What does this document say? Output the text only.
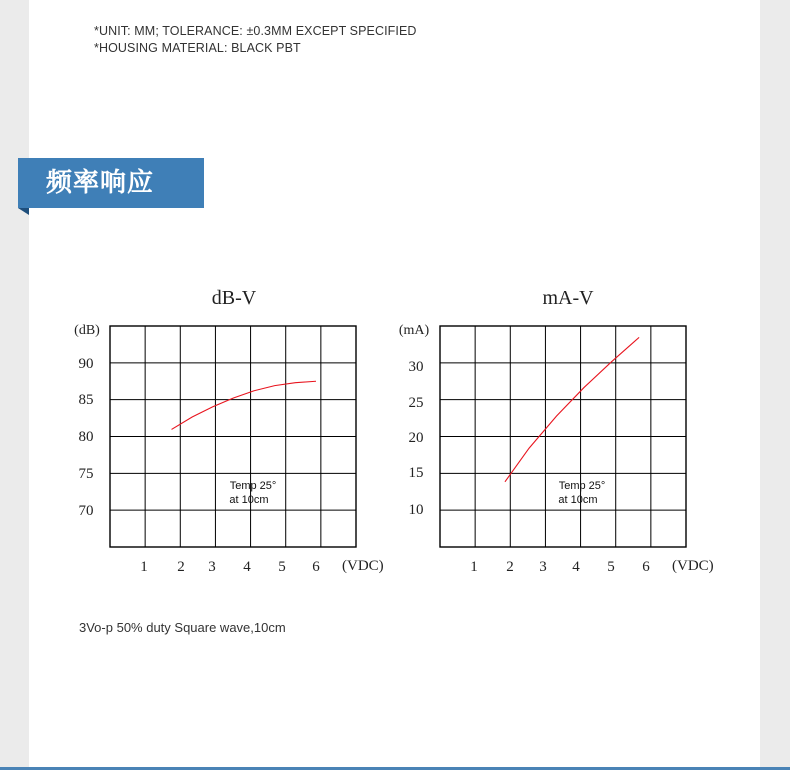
*UNIT: MM; TOLERANCE: ±0.3MM EXCEPT SPECIFIED
*HOUSING MATERIAL: BLACK PBT
频率响应
dB-V
(dB)
(VDC)
90
85
80
75
70
1 2 3 4 5 6
Temp 25°
at 10cm
mA-V
(mA)
(VDC)
30
25
20
15
10
1 2 3 4 5 6
Temp 25°
at 10cm
3Vo-p 50% duty Square wave,10cm
